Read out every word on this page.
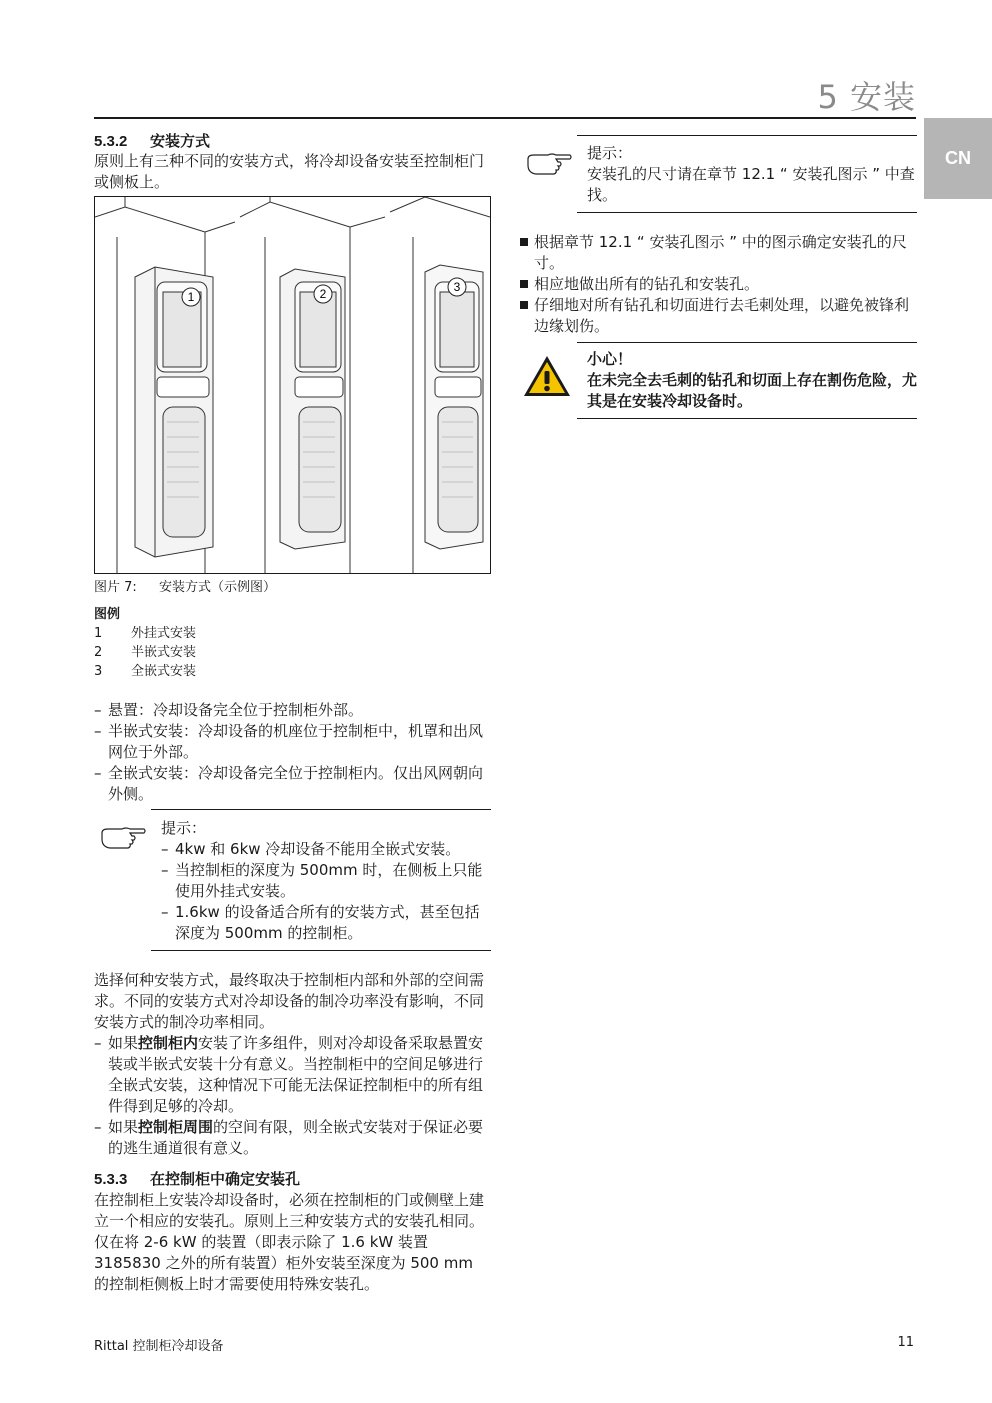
5 安装
CN
5.3.2 安装方式
原则上有三种不同的安装方式，将冷却设备安装至控制柜门或侧板上。
1	2	3
图片 7: 安装方式（示例图）
图例
1	外挂式安装
2	半嵌式安装
3	全嵌式安装
– 悬置：冷却设备完全位于控制柜外部。
– 半嵌式安装：冷却设备的机座位于控制柜中，机罩和出风网位于外部。
– 全嵌式安装：冷却设备完全位于控制柜内。仅出风网朝向外侧。
提示：
– 4kw 和 6kw 冷却设备不能用全嵌式安装。
– 当控制柜的深度为 500mm 时，在侧板上只能使用外挂式安装。
– 1.6kw 的设备适合所有的安装方式，甚至包括深度为 500mm 的控制柜。
选择何种安装方式，最终取决于控制柜内部和外部的空间需求。不同的安装方式对冷却设备的制冷功率没有影响，不同安装方式的制冷功率相同。
– 如果控制柜内安装了许多组件，则对冷却设备采取悬置安装或半嵌式安装十分有意义。当控制柜中的空间足够进行全嵌式安装，这种情况下可能无法保证控制柜中的所有组件得到足够的冷却。
– 如果控制柜周围的空间有限，则全嵌式安装对于保证必要的逃生通道很有意义。
5.3.3 在控制柜中确定安装孔
在控制柜上安装冷却设备时，必须在控制柜的门或侧壁上建立一个相应的安装孔。原则上三种安装方式的安装孔相同。仅在将 2-6 kW 的装置（即表示除了 1.6 kW 装置 3185830 之外的所有装置）柜外安装至深度为 500 mm 的控制柜侧板上时才需要使用特殊安装孔。
提示：
安装孔的尺寸请在章节 12.1 “ 安装孔图示 ” 中查找。
根据章节 12.1 “ 安装孔图示 ” 中的图示确定安装孔的尺寸。
相应地做出所有的钻孔和安装孔。
仔细地对所有钻孔和切面进行去毛刺处理，以避免被锋利边缘划伤。
小心！
在未完全去毛刺的钻孔和切面上存在割伤危险，尤其是在安装冷却设备时。
Rittal 控制柜冷却设备	11
